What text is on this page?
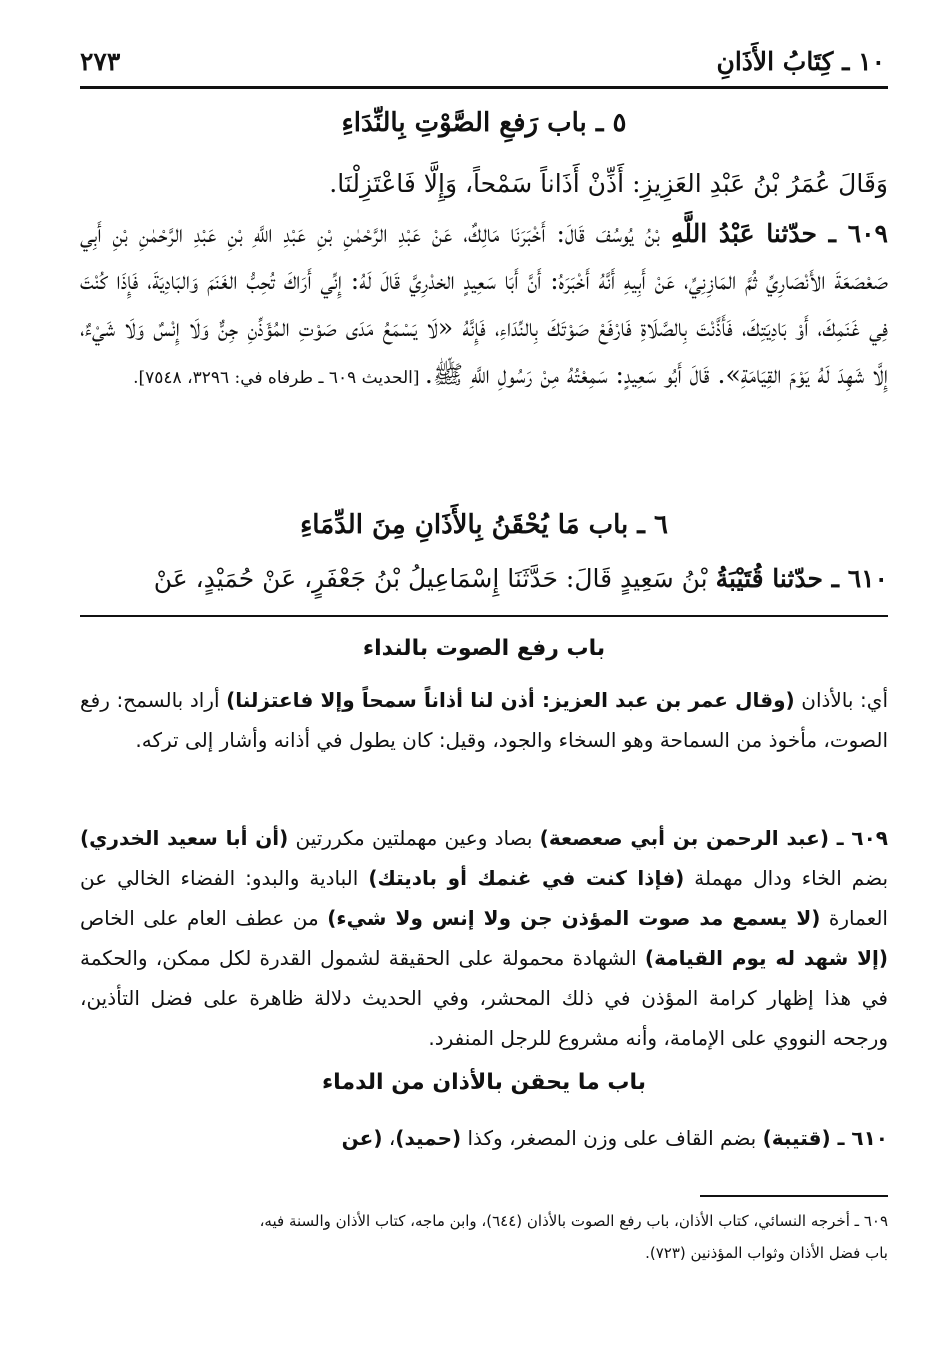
١٠ ـ كِتَابُ الأَذَانِ
٢٧٣
٥ ـ باب رَفعِ الصَّوْتِ بِالنِّدَاءِ

وَقَالَ عُمَرُ بْنُ عَبْدِ العَزِيزِ: أَذِّنْ أَذَاناً سَمْحاً، وَإِلَّا فَاعْتَزِلْنَا.

٦٠٩ ـ حدّثنا عَبْدُ اللَّهِ بْنُ يُوسُفَ قَالَ: أَخْبَرَنَا مَالِكٌ، عَنْ عَبْدِ الرَّحْمٰنِ بْنِ عَبْدِ اللَّهِ بْنِ عَبْدِ الرَّحْمٰنِ بْنِ أَبِي صَعْصَعَةَ الأَنْصَارِيِّ ثُمَّ المَازِنِيِّ، عَنْ أَبِيهِ أَنَّهُ أَخْبَرَهُ: أَنَّ أَبَا سَعِيدٍ الخدْرِيَّ قَالَ لَهُ: إِنِّي أَرَاكَ تُحِبُّ الغَنَمَ وَالبَادِيَةَ، فَإِذَا كُنْتَ فِي غَنَمِكَ، أَوْ بَادِيَتِكَ، فَأَذَّنْتَ بِالصَّلَاةِ فَارْفَعْ صَوْتَكَ بِالنِّدَاءِ، فَإِنَّهُ «لَا يَسْمَعُ مَدَى صَوْتِ المُؤَذِّنِ جِنٌّ وَلَا إِنْسٌ وَلَا شَيْءٌ، إِلَّا شَهِدَ لَهُ يَوْمَ القِيَامَةِ». قَالَ أَبُو سَعِيدٍ: سَمِعْتُهُ مِنْ رَسُولِ اللَّهِ ﷺ. [الحديث ٦٠٩ ـ طرفاه في: ٣٢٩٦، ٧٥٤٨].

٦ ـ باب مَا يُحْقَنُ بِالأَذَانِ مِنَ الدِّمَاءِ

٦١٠ ـ حدّثنا قُتَيْبَةُ بْنُ سَعِيدٍ قَالَ: حَدَّثَنَا إِسْمَاعِيلُ بْنُ جَعْفَرٍ، عَنْ حُمَيْدٍ، عَنْ

باب رفع الصوت بالنداء

أي: بالأذان (وقال عمر بن عبد العزيز: أذن لنا أذاناً سمحاً وإلا فاعتزلنا) أراد بالسمح: رفع الصوت، مأخوذ من السماحة وهو السخاء والجود، وقيل: كان يطول في أذانه وأشار إلى تركه.

٦٠٩ ـ (عبد الرحمن بن أبي صعصعة) بصاد وعين مهملتين مكررتين (أن أبا سعيد الخدري) بضم الخاء ودال مهملة (فإذا كنت في غنمك أو باديتك) البادية والبدو: الفضاء الخالي عن العمارة (لا يسمع مد صوت المؤذن جن ولا إنس ولا شيء) من عطف العام على الخاص (إلا شهد له يوم القيامة) الشهادة محمولة على الحقيقة لشمول القدرة لكل ممكن، والحكمة في هذا إظهار كرامة المؤذن في ذلك المحشر، وفي الحديث دلالة ظاهرة على فضل التأذين، ورجحه النووي على الإمامة، وأنه مشروع للرجل المنفرد.

باب ما يحقن بالأذان من الدماء

٦١٠ ـ (قتيبة) بضم القاف على وزن المصغر، وكذا (حميد)، (عن

٦٠٩ ـ أخرجه النسائي، كتاب الأذان، باب رفع الصوت بالأذان (٦٤٤)، وابن ماجه، كتاب الأذان والسنة فيه،

باب فضل الأذان وثواب المؤذنين (٧٢٣).
